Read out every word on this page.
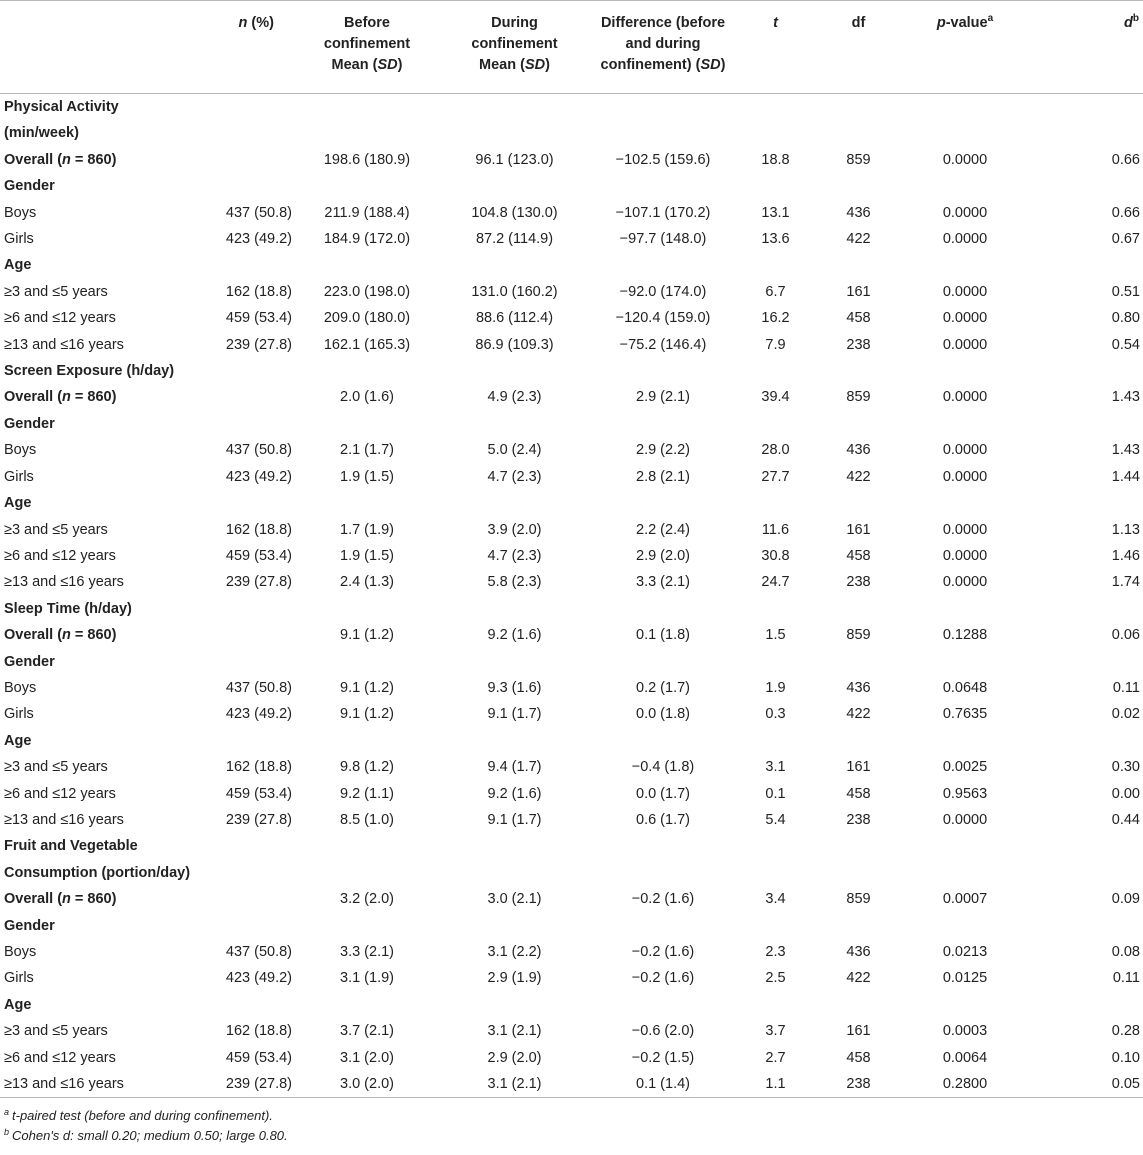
	n (%)	Before
confinement
Mean (SD)	During
confinement
Mean (SD)	Difference (before
and during
confinement) (SD)	t	df	p-value$^a$	$d^b$
Physical Activity								
(min/week)								
Overall (n = 860)		198.6 (180.9)	96.1 (123.0)	−102.5 (159.6)	18.8	859	0.0000	0.66
Gender								
Boys	437 (50.8)	211.9 (188.4)	104.8 (130.0)	−107.1 (170.2)	13.1	436	0.0000	0.66
Girls	423 (49.2)	184.9 (172.0)	87.2 (114.9)	−97.7 (148.0)	13.6	422	0.0000	0.67
Age								
≥3 and ≤5 years	162 (18.8)	223.0 (198.0)	131.0 (160.2)	−92.0 (174.0)	6.7	161	0.0000	0.51
≥6 and ≤12 years	459 (53.4)	209.0 (180.0)	88.6 (112.4)	−120.4 (159.0)	16.2	458	0.0000	0.80
≥13 and ≤16 years	239 (27.8)	162.1 (165.3)	86.9 (109.3)	−75.2 (146.4)	7.9	238	0.0000	0.54
Screen Exposure (h/day)								
Overall (n = 860)		2.0 (1.6)	4.9 (2.3)	2.9 (2.1)	39.4	859	0.0000	1.43
Gender								
Boys	437 (50.8)	2.1 (1.7)	5.0 (2.4)	2.9 (2.2)	28.0	436	0.0000	1.43
Girls	423 (49.2)	1.9 (1.5)	4.7 (2.3)	2.8 (2.1)	27.7	422	0.0000	1.44
Age								
≥3 and ≤5 years	162 (18.8)	1.7 (1.9)	3.9 (2.0)	2.2 (2.4)	11.6	161	0.0000	1.13
≥6 and ≤12 years	459 (53.4)	1.9 (1.5)	4.7 (2.3)	2.9 (2.0)	30.8	458	0.0000	1.46
≥13 and ≤16 years	239 (27.8)	2.4 (1.3)	5.8 (2.3)	3.3 (2.1)	24.7	238	0.0000	1.74
Sleep Time (h/day)								
Overall (n = 860)		9.1 (1.2)	9.2 (1.6)	0.1 (1.8)	1.5	859	0.1288	0.06
Gender								
Boys	437 (50.8)	9.1 (1.2)	9.3 (1.6)	0.2 (1.7)	1.9	436	0.0648	0.11
Girls	423 (49.2)	9.1 (1.2)	9.1 (1.7)	0.0 (1.8)	0.3	422	0.7635	0.02
Age								
≥3 and ≤5 years	162 (18.8)	9.8 (1.2)	9.4 (1.7)	−0.4 (1.8)	3.1	161	0.0025	0.30
≥6 and ≤12 years	459 (53.4)	9.2 (1.1)	9.2 (1.6)	0.0 (1.7)	0.1	458	0.9563	0.00
≥13 and ≤16 years	239 (27.8)	8.5 (1.0)	9.1 (1.7)	0.6 (1.7)	5.4	238	0.0000	0.44
Fruit and Vegetable								
Consumption (portion/day)								
Overall (n = 860)		3.2 (2.0)	3.0 (2.1)	−0.2 (1.6)	3.4	859	0.0007	0.09
Gender								
Boys	437 (50.8)	3.3 (2.1)	3.1 (2.2)	−0.2 (1.6)	2.3	436	0.0213	0.08
Girls	423 (49.2)	3.1 (1.9)	2.9 (1.9)	−0.2 (1.6)	2.5	422	0.0125	0.11
Age								
≥3 and ≤5 years	162 (18.8)	3.7 (2.1)	3.1 (2.1)	−0.6 (2.0)	3.7	161	0.0003	0.28
≥6 and ≤12 years	459 (53.4)	3.1 (2.0)	2.9 (2.0)	−0.2 (1.5)	2.7	458	0.0064	0.10
≥13 and ≤16 years	239 (27.8)	3.0 (2.0)	3.1 (2.1)	0.1 (1.4)	1.1	238	0.2800	0.05
$^a$ t-paired test (before and during confinement).
$^b$ Cohen's d: small 0.20; medium 0.50; large 0.80.
